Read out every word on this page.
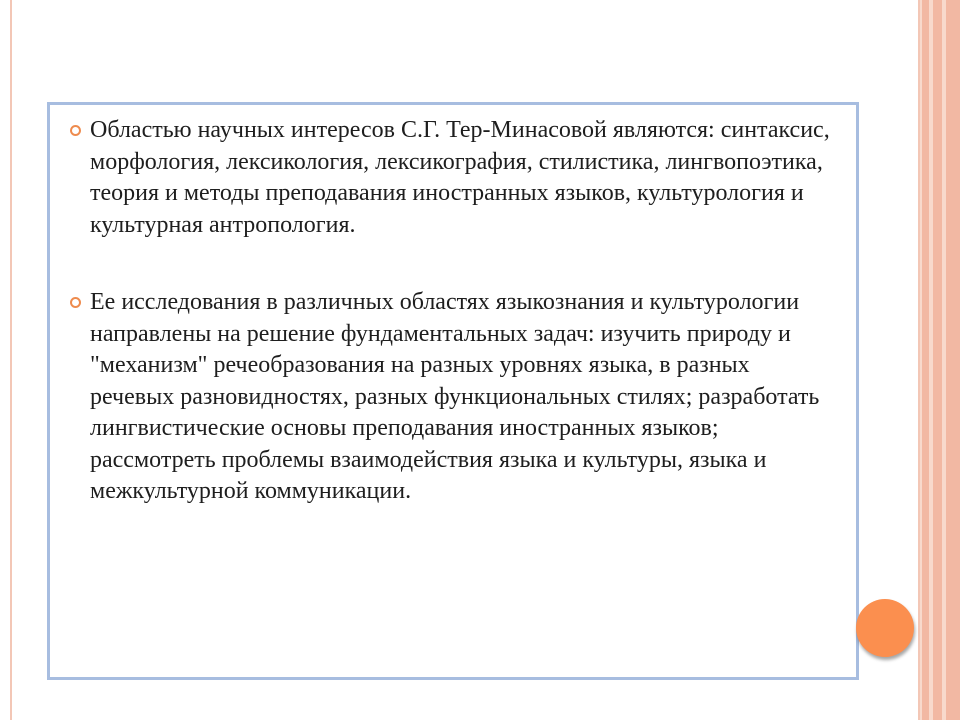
Областью научных интересов С.Г. Тер-Минасовой являются: синтаксис, морфология, лексикология, лексикография, стилистика, лингвопоэтика, теория и методы преподавания иностранных языков, культурология и культурная антропология.
Ее исследования в различных областях языкознания и культурологии направлены на решение фундаментальных задач: изучить природу и "механизм" речеобразования на разных уровнях языка, в разных речевых разновидностях, разных функциональных стилях; разработать лингвистические основы преподавания иностранных языков; рассмотреть проблемы взаимодействия языка и культуры, языка и межкультурной коммуникации.
